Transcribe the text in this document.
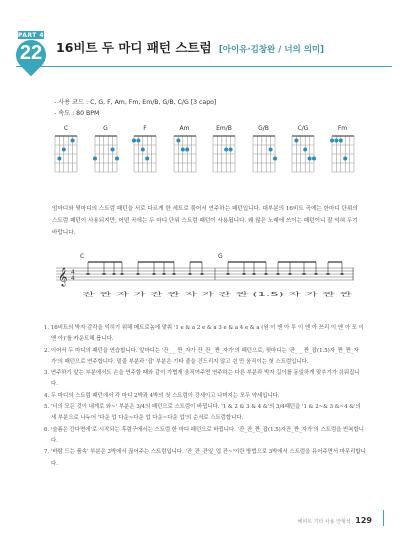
PART 4
22	16비트 두 마디 패턴 스트럼 [아이유·김창완 / 너의 의미]
- 사용 코드 : C, G, F, Am, Fm, Em/B, G/B, C/G [3 capo]
- 속도 : 80 BPM
C	G	F	Am	Em/B	G/B	C/G	Fm
엄마디와 뒷마디의 스트럼 패턴을 서로 다르게 한 세트로 묶어서 연주하는 패턴입니다. 대부분의 16비트 곡에는 한마디 단위의 스트럼 패턴이 사용되지만, 어떤 곡에는 두 마디 단위 스트럼 패턴이 사용됩니다. 왜 많은 노래에 쓰이는 패턴이니 잘 익혀 두기 바랍니다.
𝄞 4
4
C	G
잔 짠 자 가 잔 짠 자 가 잔 짠 (1.5) 자 가 짠 짠
1. 16비트의 박자 감각을 익히기 위해 메트로놈에 맞춰 '1 e & a 2 e & a 3 e & a 4 e & a (원 이 앤 아 투 이 앤 아 쓰리 이 앤 아 포 이 앤 아)'를 카운트해 봅니다.
2. 이어서 두 마디의 패턴을 연습합니다. 앞마디는 '잔_ _ 짠_자가 잔_잔_ 짠_자가'의 패턴으로, 뒷마디는 '잔_ _ 짠_잡(1.5)자_짠_짠_자가'의 패턴으로 연주합니다. 밑줄 부분과 '잡' 부분은 기타 줄을 건드리지 않고 쉰 만 움직이는 헛 스트럼입니다.
3. 연주하기 앞는 부분에서도 손을 연주할 때와 같이 가볍게 움직여주면 연주하는 다른 부분과 박자 길이를 동일하게 맞추기가 쉬워집니다.
4. 두 마디의 스트럼 패턴에서 각 마디 2박과 4박의 첫 스트럼이 강세이고 나머지는 모두 약세입니다.
5. '너의 모든 것이 내게로 와~' 부분은 3/4의 패턴으로 스트럼이 바뀝니다. '1 & 2 & 3 & 4 &'의 3/4패턴을 '1 & 2~& 3 &~4 &'의 세 부분으로 나누어 '다운 업 다운~다운 업 다운~다운 업'의 순서로 스트럼합니다.
6. '슬픔은 간다면에'로 시작되는 후렴구에서는 스트럼 한 마디 패턴으로 바뀝니다. '잔_잔_짠_잡(1.5)자잔_짠_자가'의 스트럼을 반복합니다.
7. '바람 드는 품속' 부분은 3박에서 끊어주는 스트럼입니다. '잔_잔_잔잎_업 잔~'이란 방법으로 3박에서 스트럼을 뮤어주면서 마무리합니다.
해피트 기타 사용 안형석 129
